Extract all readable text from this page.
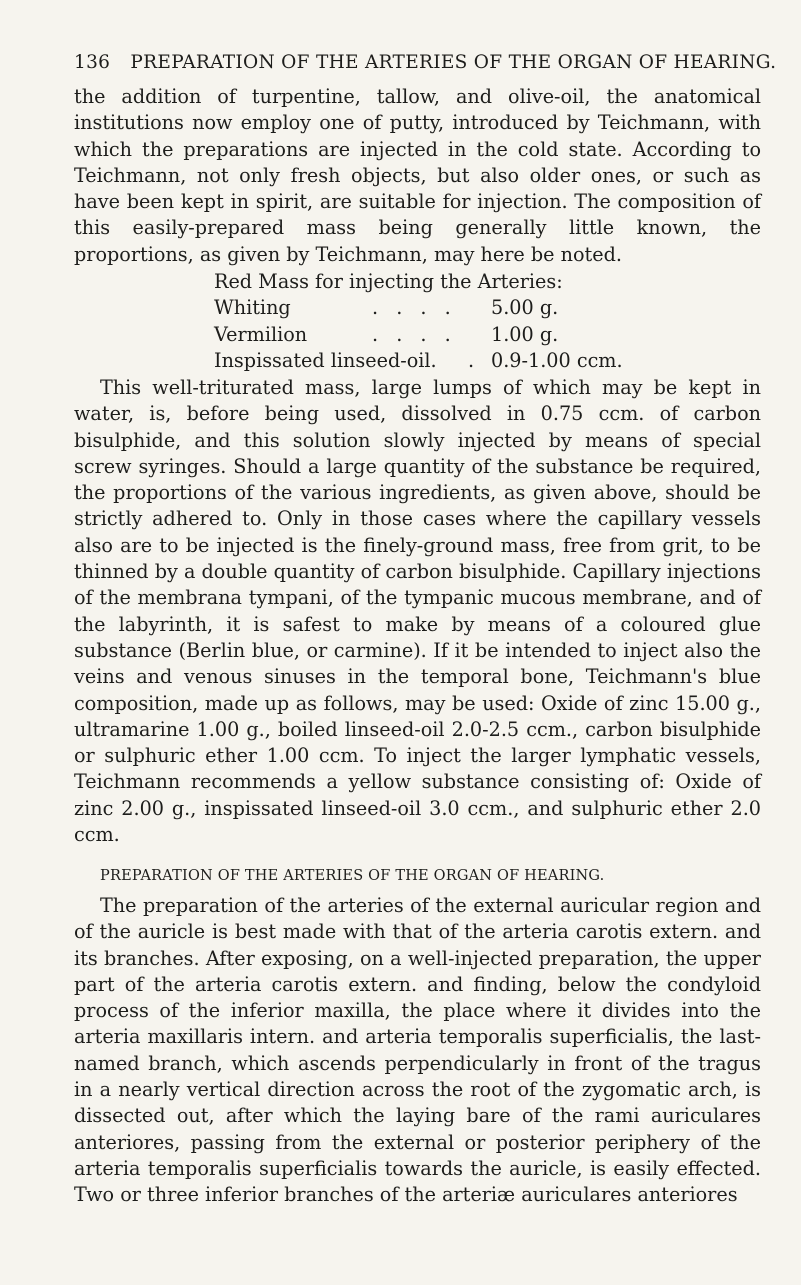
136 PREPARATION OF THE ARTERIES OF THE ORGAN OF HEARING.

the addition of turpentine, tallow, and olive-oil, the anatomical institutions now employ one of putty, introduced by Teichmann, with which the preparations are injected in the cold state. According to Teichmann, not only fresh objects, but also older ones, or such as have been kept in spirit, are suitable for injection. The composition of this easily-prepared mass being generally little known, the proportions, as given by Teichmann, may here be noted.

Red Mass for injecting the Arteries:
Whiting	. . . . 5.00 g.
Vermilion	. . . . 1.00 g.
Inspissated linseed-oil. . 0.9-1.00 ccm.

This well-triturated mass, large lumps of which may be kept in water, is, before being used, dissolved in 0.75 ccm. of carbon bisulphide, and this solution slowly injected by means of special screw syringes. Should a large quantity of the substance be required, the proportions of the various ingredients, as given above, should be strictly adhered to. Only in those cases where the capillary vessels also are to be injected is the finely-ground mass, free from grit, to be thinned by a double quantity of carbon bisulphide. Capillary injections of the membrana tympani, of the tympanic mucous membrane, and of the labyrinth, it is safest to make by means of a coloured glue substance (Berlin blue, or carmine). If it be intended to inject also the veins and venous sinuses in the temporal bone, Teichmann's blue composition, made up as follows, may be used: Oxide of zinc 15.00 g., ultramarine 1.00 g., boiled linseed-oil 2.0-2.5 ccm., carbon bisulphide or sulphuric ether 1.00 ccm. To inject the larger lymphatic vessels, Teichmann recommends a yellow substance consisting of: Oxide of zinc 2.00 g., inspissated linseed-oil 3.0 ccm., and sulphuric ether 2.0 ccm.

PREPARATION OF THE ARTERIES OF THE ORGAN OF HEARING.

The preparation of the arteries of the external auricular region and of the auricle is best made with that of the arteria carotis extern. and its branches. After exposing, on a well-injected preparation, the upper part of the arteria carotis extern. and finding, below the condyloid process of the inferior maxilla, the place where it divides into the arteria maxillaris intern. and arteria temporalis superficialis, the last-named branch, which ascends perpendicularly in front of the tragus in a nearly vertical direction across the root of the zygomatic arch, is dissected out, after which the laying bare of the rami auriculares anteriores, passing from the external or posterior periphery of the arteria temporalis superficialis towards the auricle, is easily effected. Two or three inferior branches of the arteriæ auriculares anteriores
